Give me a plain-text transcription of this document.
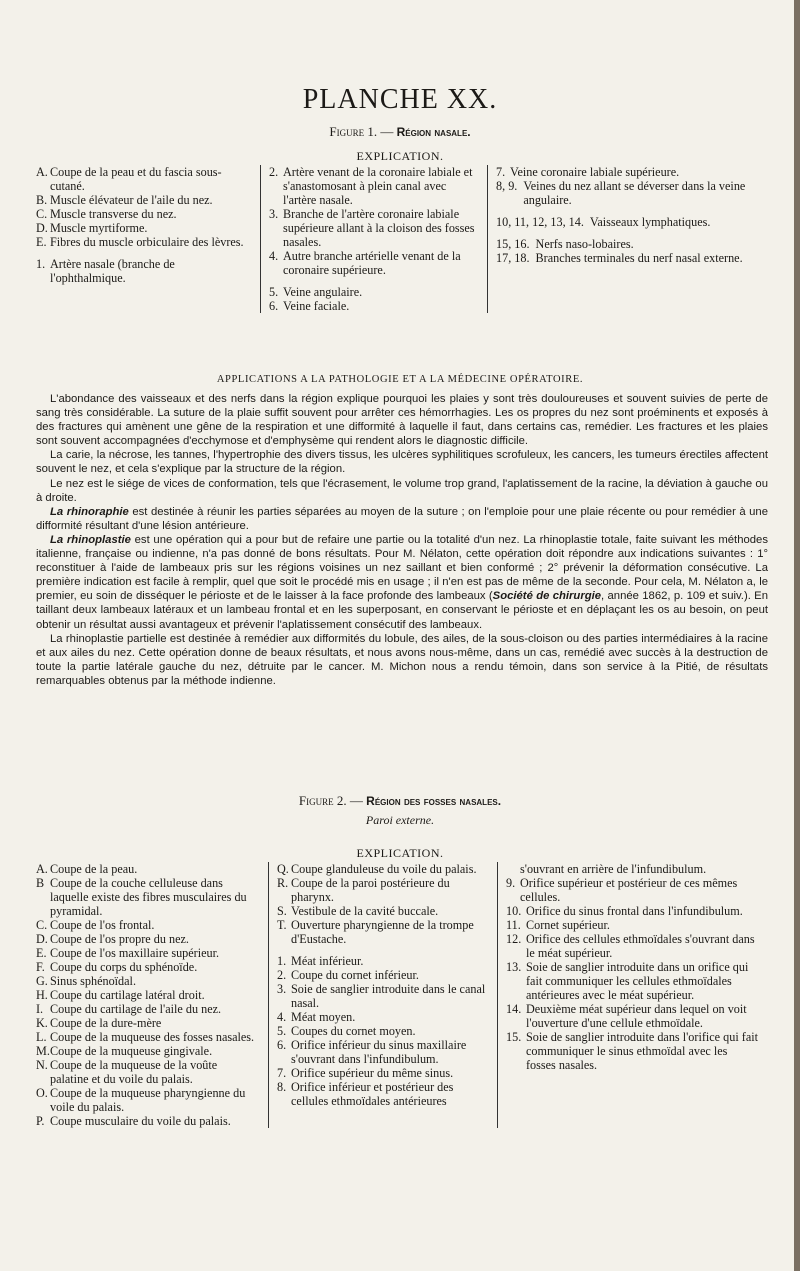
PLANCHE XX.
Figure 1. — Région nasale.
EXPLICATION.
A. Coupe de la peau et du fascia sous-cutané.
B. Muscle élévateur de l'aile du nez.
C. Muscle transverse du nez.
D. Muscle myrtiforme.
E. Fibres du muscle orbiculaire des lèvres.
1. Artère nasale (branche de l'ophthalmique.
2. Artère venant de la coronaire labiale et s'anastomosant à plein canal avec l'artère nasale.
3. Branche de l'artère coronaire labiale supérieure allant à la cloison des fosses nasales.
4. Autre branche artérielle venant de la coronaire supérieure.
5. Veine angulaire.
6. Veine faciale.
7. Veine coronaire labiale supérieure.
8, 9. Veines du nez allant se déverser dans la veine angulaire.
10, 11, 12, 13, 14. Vaisseaux lymphatiques.
15, 16. Nerfs naso-lobaires.
17, 18. Branches terminales du nerf nasal externe.
APPLICATIONS A LA PATHOLOGIE ET A LA MÉDECINE OPÉRATOIRE.

L'abondance des vaisseaux et des nerfs dans la région explique pourquoi les plaies y sont très douloureuses et souvent suivies de perte de sang très considérable. La suture de la plaie suffit souvent pour arrêter ces hémorrhagies. Les os propres du nez sont proéminents et exposés à des fractures qui amènent une gêne de la respiration et une difformité à laquelle il faut, dans certains cas, remédier. Les fractures et les plaies sont souvent accompagnées d'ecchymose et d'emphysème qui rendent alors le diagnostic difficile.

La carie, la nécrose, les tannes, l'hypertrophie des divers tissus, les ulcères syphilitiques scrofuleux, les cancers, les tumeurs érectiles affectent souvent le nez, et cela s'explique par la structure de la région.

Le nez est le siége de vices de conformation, tels que l'écrasement, le volume trop grand, l'aplatissement de la racine, la déviation à gauche ou à droite.

La rhinoraphie est destinée à réunir les parties séparées au moyen de la suture ; on l'emploie pour une plaie récente ou pour remédier à une difformité résultant d'une lésion antérieure.

La rhinoplastie est une opération qui a pour but de refaire une partie ou la totalité d'un nez. La rhinoplastie totale, faite suivant les méthodes italienne, française ou indienne, n'a pas donné de bons résultats. Pour M. Nélaton, cette opération doit répondre aux indications suivantes : 1° reconstituer à l'aide de lambeaux pris sur les régions voisines un nez saillant et bien conformé ; 2° prévenir la déformation consécutive. La première indication est facile à remplir, quel que soit le procédé mis en usage ; il n'en est pas de même de la seconde. Pour cela, M. Nélaton a, le premier, eu soin de disséquer le périoste et de le laisser à la face profonde des lambeaux (Société de chirurgie, année 1862, p. 109 et suiv.). En taillant deux lambeaux latéraux et un lambeau frontal et en les superposant, en conservant le périoste et en déplaçant les os au besoin, on peut obtenir un résultat aussi avantageux et prévenir l'aplatissement consécutif des lambeaux.

La rhinoplastie partielle est destinée à remédier aux difformités du lobule, des ailes, de la sous-cloison ou des parties intermédiaires à la racine et aux ailes du nez. Cette opération donne de beaux résultats, et nous avons nous-même, dans un cas, remédié avec succès à la destruction de toute la partie latérale gauche du nez, détruite par le cancer. M. Michon nous a rendu témoin, dans son service à la Pitié, de résultats remarquables obtenus par la méthode indienne.

Figure 2. — Région des fosses nasales.
Paroi externe.
EXPLICATION.
A. Coupe de la peau.
B Coupe de la couche celluleuse dans laquelle existe des fibres musculaires du pyramidal.
C. Coupe de l'os frontal.
D. Coupe de l'os propre du nez.
E. Coupe de l'os maxillaire supérieur.
F. Coupe du corps du sphénoïde.
G. Sinus sphénoïdal.
H. Coupe du cartilage latéral droit.
I. Coupe du cartilage de l'aile du nez.
K. Coupe de la dure-mère
L. Coupe de la muqueuse des fosses nasales.
M. Coupe de la muqueuse gingivale.
N. Coupe de la muqueuse de la voûte palatine et du voile du palais.
O. Coupe de la muqueuse pharyngienne du voile du palais.
P. Coupe musculaire du voile du palais.
Q. Coupe glanduleuse du voile du palais.
R. Coupe de la paroi postérieure du pharynx.
S. Vestibule de la cavité buccale.
T. Ouverture pharyngienne de la trompe d'Eustache.
1. Méat inférieur.
2. Coupe du cornet inférieur.
3. Soie de sanglier introduite dans le canal nasal.
4. Méat moyen.
5. Coupes du cornet moyen.
6. Orifice inférieur du sinus maxillaire s'ouvrant dans l'infundibulum.
7. Orifice supérieur du même sinus.
8. Orifice inférieur et postérieur des cellules ethmoïdales antérieures
s'ouvrant en arrière de l'infundibulum.
9. Orifice supérieur et postérieur de ces mêmes cellules.
10. Orifice du sinus frontal dans l'infundibulum.
11. Cornet supérieur.
12. Orifice des cellules ethmoïdales s'ouvrant dans le méat supérieur.
13. Soie de sanglier introduite dans un orifice qui fait communiquer les cellules ethmoïdales antérieures avec le méat supérieur.
14. Deuxième méat supérieur dans lequel on voit l'ouverture d'une cellule ethmoïdale.
15. Soie de sanglier introduite dans l'orifice qui fait communiquer le sinus ethmoïdal avec les fosses nasales.
